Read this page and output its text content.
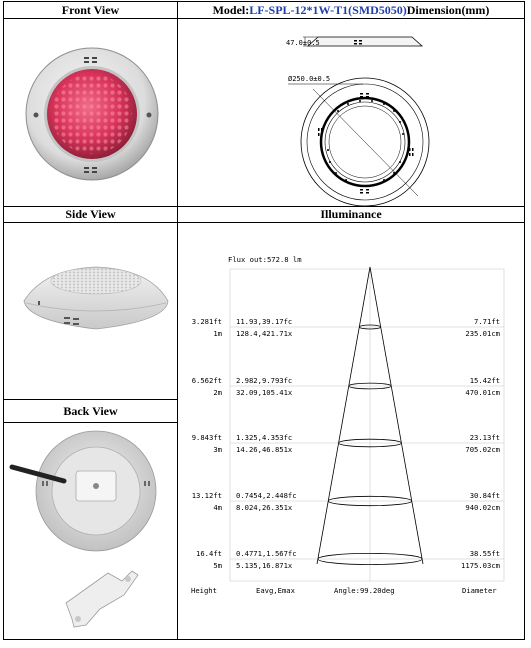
Front View	Model: LF-SPL-12*1W-T1(SMD5050) Dimension(mm)
47.0±0.5
Ø250.0±0.5
Side View	Illuminance
Back View
Flux out:572.8 lm
3.281ft
1m
11.93,39.17fc
128.4,421.71x
7.71ft
235.01cm
6.562ft
2m
2.982,9.793fc
32.09,105.41x
15.42ft
470.01cm
9.843ft
3m
1.325,4.353fc
14.26,46.851x
23.13ft
705.02cm
13.12ft
4m
0.7454,2.448fc
8.024,26.351x
30.84ft
940.02cm
16.4ft
5m
0.4771,1.567fc
5.135,16.871x
38.55ft
1175.03cm
Height	Eavg,Emax	Angle:99.20deg	Diameter
